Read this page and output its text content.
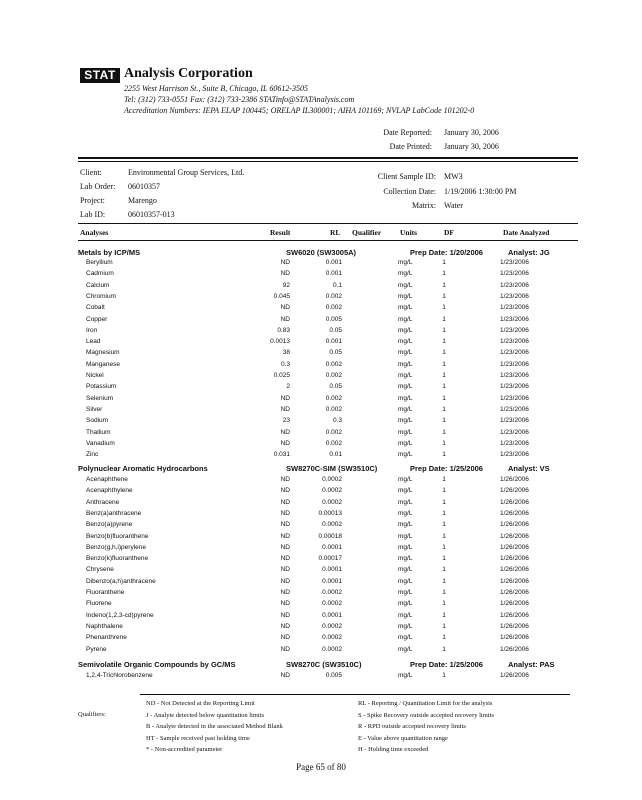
STAT Analysis Corporation
2255 West Harrison St., Suite B, Chicago, IL 60612-3505
Tel: (312) 733-0551 Fax: (312) 733-2386 STATinfo@STATAnalysis.com
Accreditation Numbers: IEPA ELAP 100445; ORELAP IL300001; AIHA 101169; NVLAP LabCode 101202-0
Date Reported: January 30, 2006
Date Printed: January 30, 2006
Client:	Environmental Group Services, Ltd.
Lab Order: 06010357
Project:	Marengo
Lab ID:	06010357-013
Client Sample ID: MW3
Collection Date: 1/19/2006 1:30:00 PM
Matrix: Water
Analyses	Result	RL Qualifier	Units	DF	Date Analyzed
Metals by ICP/MS	SW6020 (SW3005A)	Prep Date: 1/20/2006	Analyst: JG
Beryllium	ND	0.001	mg/L	1	1/23/2006
Cadmium	ND	0.001	mg/L	1	1/23/2006
Calcium	92	0.1	mg/L	1	1/23/2006
Chromium	0.045	0.002	mg/L	1	1/23/2006
Cobalt	ND	0.002	mg/L	1	1/23/2006
Copper	ND	0.005	mg/L	1	1/23/2006
Iron	0.83	0.05	mg/L	1	1/23/2006
Lead	0.0013	0.001	mg/L	1	1/23/2006
Magnesium	38	0.05	mg/L	1	1/23/2006
Manganese	0.3	0.002	mg/L	1	1/23/2006
Nickel	0.025	0.002	mg/L	1	1/23/2006
Potassium	2	0.05	mg/L	1	1/23/2006
Selenium	ND	0.002	mg/L	1	1/23/2006
Silver	ND	0.002	mg/L	1	1/23/2006
Sodium	23	0.3	mg/L	1	1/23/2006
Thallium	ND	0.002	mg/L	1	1/23/2006
Vanadium	ND	0.002	mg/L	1	1/23/2006
Zinc	0.031	0.01	mg/L	1	1/23/2006
Polynuclear Aromatic Hydrocarbons	SW8270C-SIM (SW3510C)	Prep Date: 1/25/2006	Analyst: VS
Acenaphthene	ND	0.0002	mg/L	1	1/26/2006
Acenaphthylene	ND	0.0002	mg/L	1	1/26/2006
Anthracene	ND	0.0002	mg/L	1	1/26/2006
Benz(a)anthracene	ND	0.00013	mg/L	1	1/26/2006
Benzo(a)pyrene	ND	0.0002	mg/L	1	1/26/2006
Benzo(b)fluoranthene	ND	0.00018	mg/L	1	1/26/2006
Benzo(g,h,i)perylene	ND	0.0001	mg/L	1	1/26/2006
Benzo(k)fluoranthene	ND	0.00017	mg/L	1	1/26/2006
Chrysene	ND	0.0001	mg/L	1	1/26/2006
Dibenzo(a,h)anthracene	ND	0.0001	mg/L	1	1/26/2006
Fluoranthene	ND	0.0002	mg/L	1	1/26/2006
Fluorene	ND	0.0002	mg/L	1	1/26/2006
Indeno(1,2,3-cd)pyrene	ND	0.0001	mg/L	1	1/26/2006
Naphthalene	ND	0.0002	mg/L	1	1/26/2006
Phenanthrene	ND	0.0002	mg/L	1	1/26/2006
Pyrene	ND	0.0002	mg/L	1	1/26/2006
Semivolatile Organic Compounds by GC/MS	SW8270C (SW3510C)	Prep Date: 1/25/2006	Analyst: PAS
1,2,4-Trichlorobenzene	ND	0.005	mg/L	1	1/26/2006
Qualifiers:
ND - Not Detected at the Reporting Limit
J - Analyte detected below quantitation limits
B - Analyte detected in the associated Method Blank
HT - Sample received past holding time
* - Non-accredited parameter
RL - Reporting / Quantitation Limit for the analysis
S - Spike Recovery outside accepted recovery limits
R - RPD outside accepted recovery limits
E - Value above quantitation range
H - Holding time exceeded
Page 65 of 80
